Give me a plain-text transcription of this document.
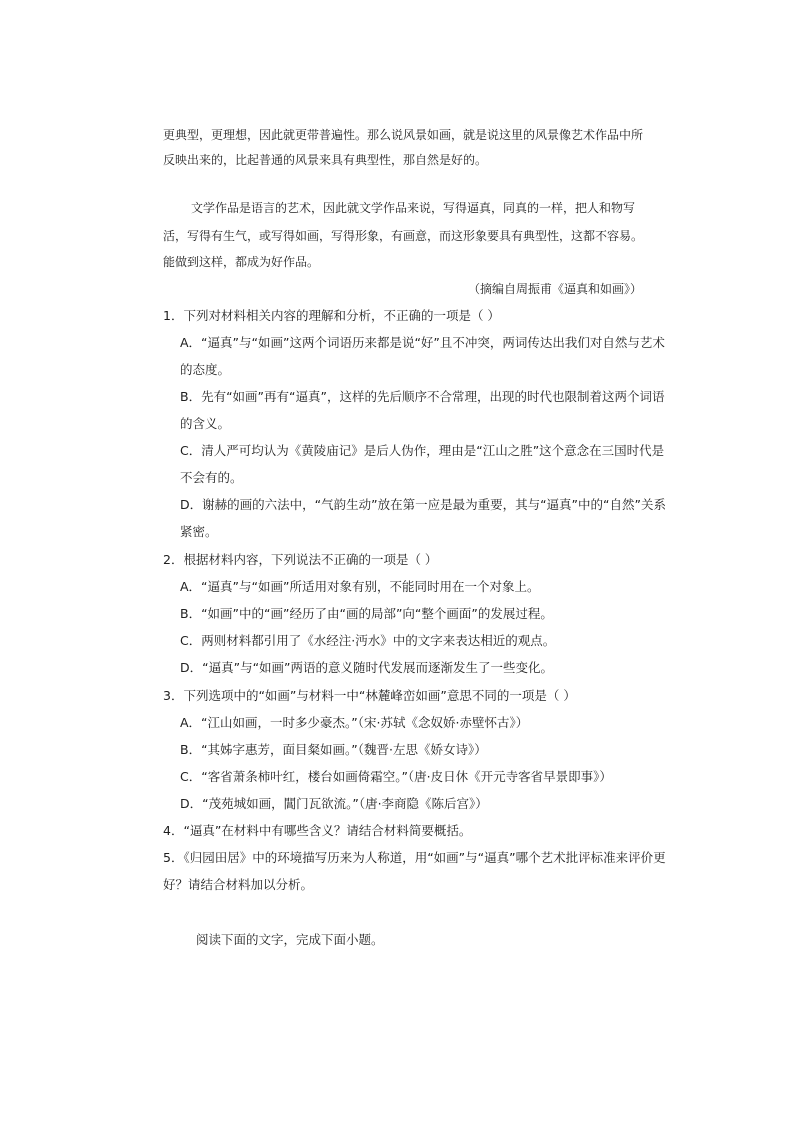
更典型，更理想，因此就更带普遍性。那么说风景如画，就是说这里的风景像艺术作品中所
反映出来的，比起普通的风景来具有典型性，那自然是好的。
文学作品是语言的艺术，因此就文学作品来说，写得逼真，同真的一样，把人和物写
活，写得有生气，或写得如画，写得形象，有画意，而这形象要具有典型性，这都不容易。
能做到这样，都成为好作品。
（摘编自周振甫《逼真和如画》）
1．下列对材料相关内容的理解和分析，不正确的一项是（ ）
A．“逼真”与“如画”这两个词语历来都是说“好”且不冲突，两词传达出我们对自然与艺术
的态度。
B．先有“如画”再有“逼真”，这样的先后顺序不合常理，出现的时代也限制着这两个词语
的含义。
C．清人严可均认为《黄陵庙记》是后人伪作，理由是“江山之胜”这个意念在三国时代是
不会有的。
D．谢赫的画的六法中，“气韵生动”放在第一应是最为重要，其与“逼真”中的“自然”关系
紧密。
2．根据材料内容，下列说法不正确的一项是（ ）
A．“逼真”与“如画”所适用对象有别，不能同时用在一个对象上。
B．“如画”中的“画”经历了由“画的局部”向“整个画面”的发展过程。
C．两则材料都引用了《水经注·沔水》中的文字来表达相近的观点。
D．“逼真”与“如画”两语的意义随时代发展而逐渐发生了一些变化。
3．下列选项中的“如画”与材料一中“林麓峰峦如画”意思不同的一项是（ ）
A．“江山如画，一时多少豪杰。”（宋·苏轼《念奴娇·赤壁怀古》）
B．“其姊字惠芳，面目粲如画。”（魏晋·左思《娇女诗》）
C．“客省萧条柿叶红，楼台如画倚霜空。”（唐·皮日休《开元寺客省早景即事》）
D．“茂苑城如画，閶门瓦欲流。”（唐·李商隐《陈后宫》）
4．“逼真”在材料中有哪些含义？请结合材料简要概括。
5．《归园田居》中的环境描写历来为人称道，用“如画”与“逼真”哪个艺术批评标准来评价更
好？请结合材料加以分析。
阅读下面的文字，完成下面小题。
